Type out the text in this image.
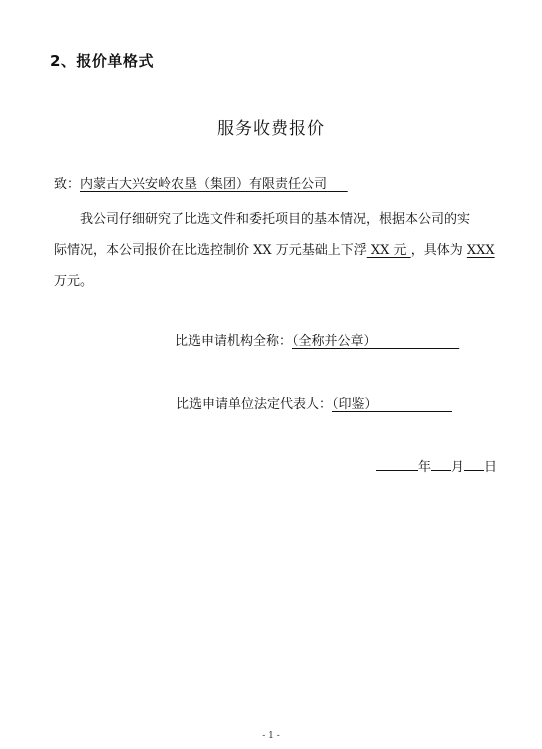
2、报价单格式
服务收费报价
致：内蒙古大兴安岭农垦（集团）有限责任公司
我公司仔细研究了比选文件和委托项目的基本情况，根据本公司的实
际情况，本公司报价在比选控制价 XX 万元基础上下浮 XX 元 ，具体为 XXX
万元。
比选申请机构全称：（全称并公章）
比选申请单位法定代表人：（印鉴）
年 月 日
- 1 -
